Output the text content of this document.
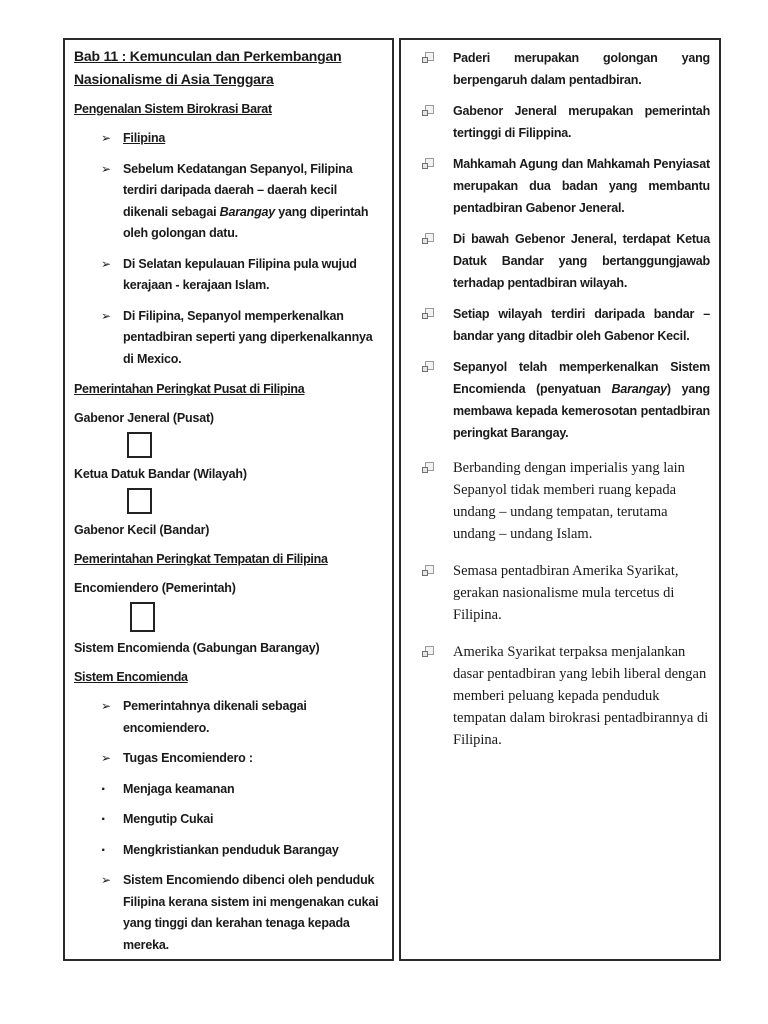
Bab 11 : Kemunculan dan Perkembangan
Nasionalisme di Asia Tenggara
Pengenalan Sistem Birokrasi Barat
➢ Filipina
➢ Sebelum Kedatangan Sepanyol, Filipina terdiri daripada daerah – daerah kecil dikenali sebagai Barangay yang diperintah oleh golongan datu.
➢ Di Selatan kepulauan Filipina pula wujud kerajaan - kerajaan Islam.
➢ Di Filipina, Sepanyol memperkenalkan pentadbiran seperti yang diperkenalkannya di Mexico.
Pemerintahan Peringkat Pusat di Filipina
Gabenor Jeneral (Pusat)
Ketua Datuk Bandar (Wilayah)
Gabenor Kecil (Bandar)
Pemerintahan Peringkat Tempatan di Filipina
Encomiendero (Pemerintah)
Sistem Encomienda (Gabungan Barangay)
Sistem Encomienda
➢ Pemerintahnya dikenali sebagai encomiendero.
➢ Tugas Encomiendero :
·	Menjaga keamanan
·	Mengutip Cukai
·	Mengkristiankan penduduk Barangay
➢ Sistem Encomiendo dibenci oleh penduduk Filipina kerana sistem ini mengenakan cukai yang tinggi dan kerahan tenaga kepada mereka.
Paderi merupakan golongan yang berpengaruh dalam pentadbiran.
Gabenor Jeneral merupakan pemerintah tertinggi di Filippina.
Mahkamah Agung dan Mahkamah Penyiasat merupakan dua badan yang membantu pentadbiran Gabenor Jeneral.
Di bawah Gebenor Jeneral, terdapat Ketua Datuk Bandar yang bertanggungjawab terhadap pentadbiran wilayah.
Setiap wilayah terdiri daripada bandar – bandar yang ditadbir oleh Gabenor Kecil.
Sepanyol telah memperkenalkan Sistem Encomienda (penyatuan Barangay) yang membawa kepada kemerosotan pentadbiran peringkat Barangay.
Berbanding dengan imperialis yang lain Sepanyol tidak memberi ruang kepada undang – undang tempatan, terutama undang – undang Islam.
Semasa pentadbiran Amerika Syarikat, gerakan nasionalisme mula tercetus di Filipina.
Amerika Syarikat terpaksa menjalankan dasar pentadbiran yang lebih liberal dengan memberi peluang kepada penduduk tempatan dalam birokrasi pentadbirannya di Filipina.
